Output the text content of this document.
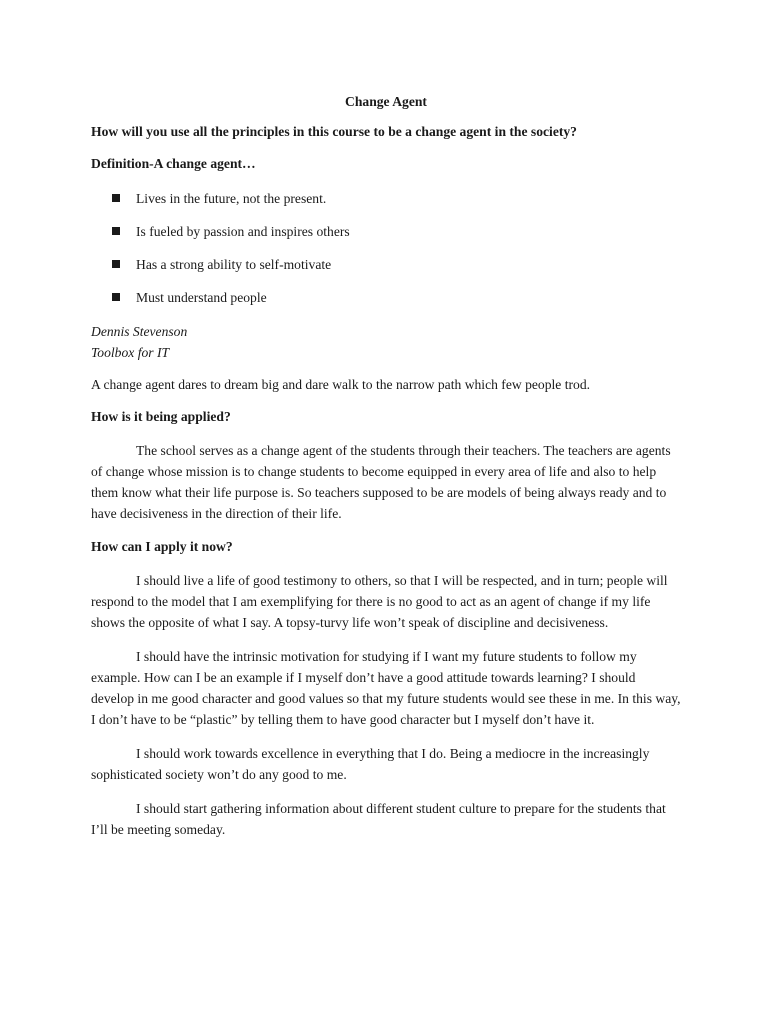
Change Agent

How will you use all the principles in this course to be a change agent in the society?

Definition-A change agent…

Lives in the future, not the present.
Is fueled by passion and inspires others
Has a strong ability to self-motivate
Must understand people

Dennis Stevenson
Toolbox for IT

A change agent dares to dream big and dare walk to the narrow path which few people trod.

How is it being applied?

The school serves as a change agent of the students through their teachers. The teachers are agents of change whose mission is to change students to become equipped in every area of life and also to help them know what their life purpose is. So teachers supposed to be are models of being always ready and to have decisiveness in the direction of their life.

How can I apply it now?

I should live a life of good testimony to others, so that I will be respected, and in turn; people will respond to the model that I am exemplifying for there is no good to act as an agent of change if my life shows the opposite of what I say. A topsy-turvy life won’t speak of discipline and decisiveness.

I should have the intrinsic motivation for studying if I want my future students to follow my example. How can I be an example if I myself don’t have a good attitude towards learning? I should develop in me good character and good values so that my future students would see these in me. In this way, I don’t have to be “plastic” by telling them to have good character but I myself don’t have it.

I should work towards excellence in everything that I do. Being a mediocre in the increasingly sophisticated society won’t do any good to me.

I should start gathering information about different student culture to prepare for the students that I’ll be meeting someday.
